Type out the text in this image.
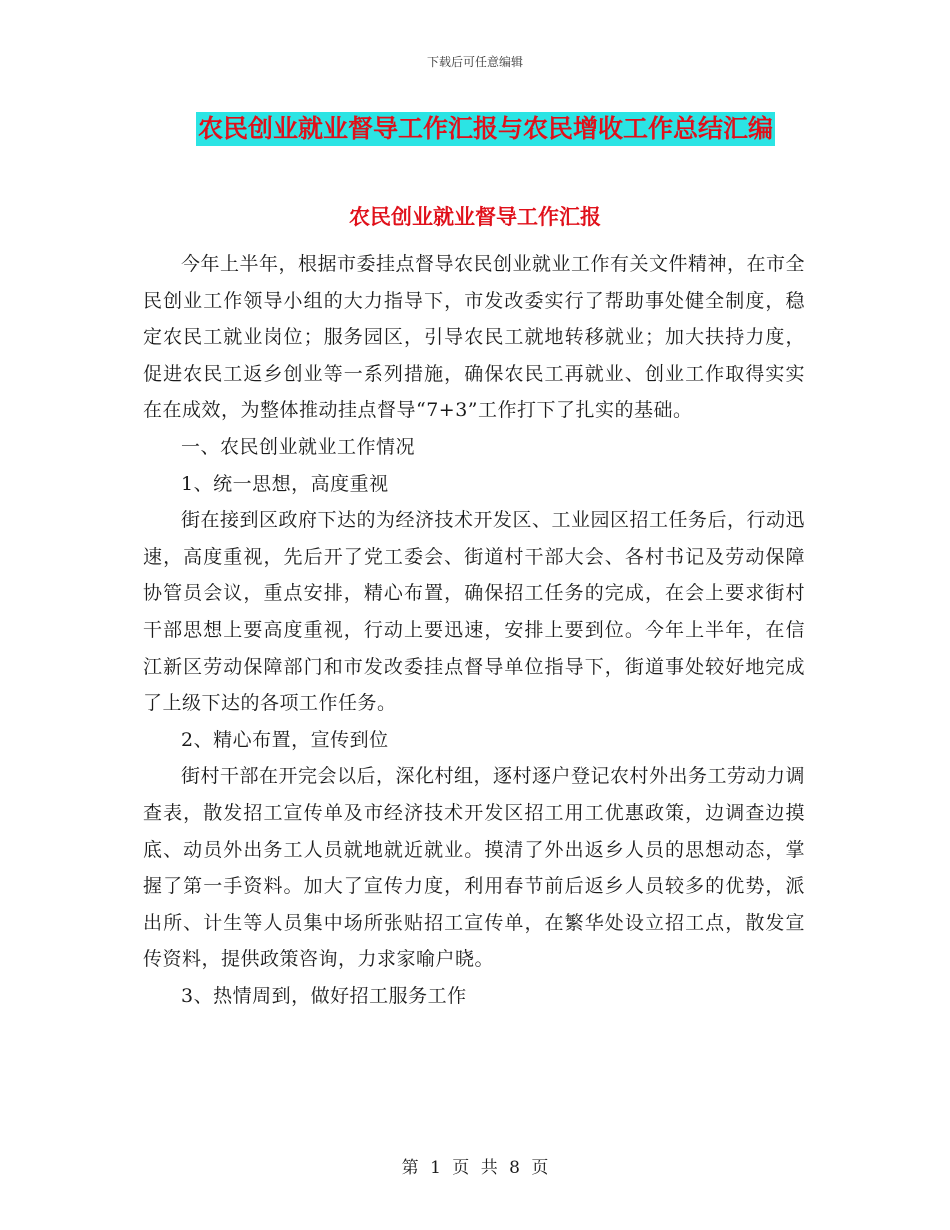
下载后可任意编辑
农民创业就业督导工作汇报与农民增收工作总结汇编
农民创业就业督导工作汇报

今年上半年，根据市委挂点督导农民创业就业工作有关文件精神，在市全民创业工作领导小组的大力指导下，市发改委实行了帮助事处健全制度，稳定农民工就业岗位；服务园区，引导农民工就地转移就业；加大扶持力度，促进农民工返乡创业等一系列措施，确保农民工再就业、创业工作取得实实在在成效，为整体推动挂点督导“7+3”工作打下了扎实的基础。

一、农民创业就业工作情况

1、统一思想，高度重视

街在接到区政府下达的为经济技术开发区、工业园区招工任务后，行动迅速，高度重视，先后开了党工委会、街道村干部大会、各村书记及劳动保障协管员会议，重点安排，精心布置，确保招工任务的完成，在会上要求街村干部思想上要高度重视，行动上要迅速，安排上要到位。今年上半年，在信江新区劳动保障部门和市发改委挂点督导单位指导下，街道事处较好地完成了上级下达的各项工作任务。

2、精心布置，宣传到位

街村干部在开完会以后，深化村组，逐村逐户登记农村外出务工劳动力调查表，散发招工宣传单及市经济技术开发区招工用工优惠政策，边调查边摸底、动员外出务工人员就地就近就业。摸清了外出返乡人员的思想动态，掌握了第一手资料。加大了宣传力度，利用春节前后返乡人员较多的优势，派出所、计生等人员集中场所张贴招工宣传单，在繁华处设立招工点，散发宣传资料，提供政策咨询，力求家喻户晓。

3、热情周到，做好招工服务工作

第 1 页 共 8 页
